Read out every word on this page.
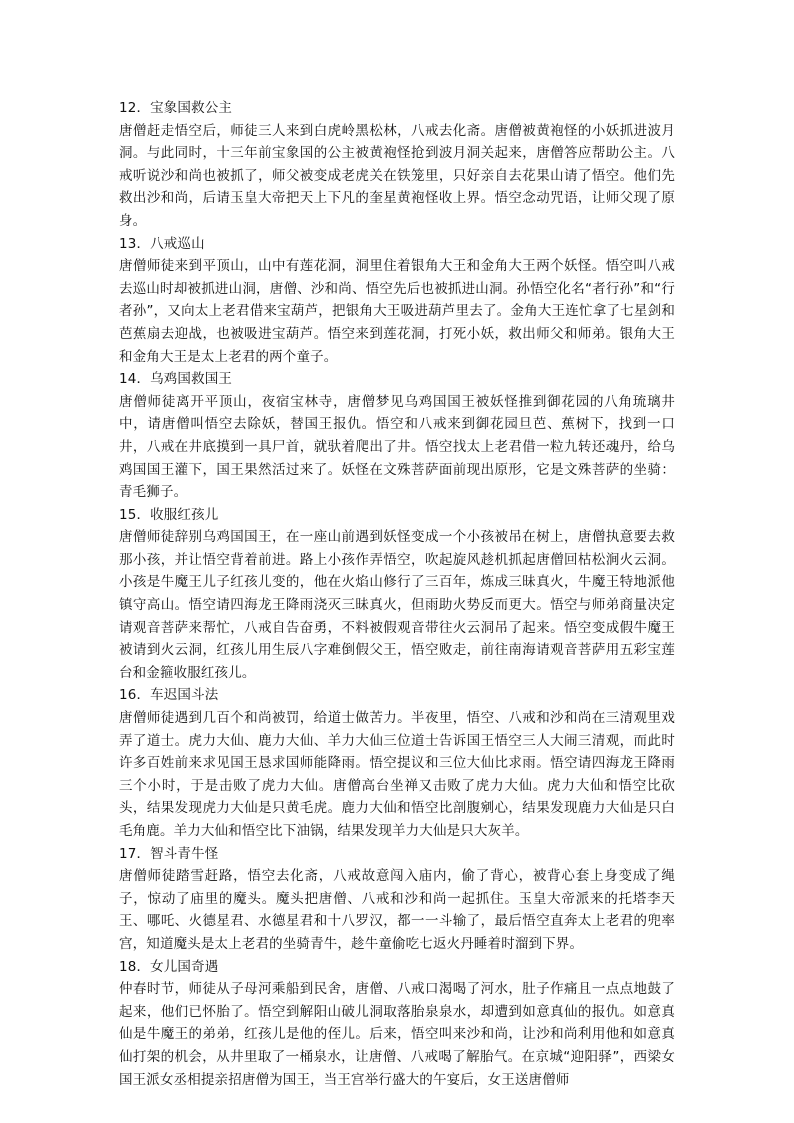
12．宝象国救公主
唐僧赶走悟空后，师徒三人来到白虎岭黑松林，八戒去化斋。唐僧被黄袍怪的小妖抓进波月洞。与此同时，十三年前宝象国的公主被黄袍怪抢到波月洞关起来，唐僧答应帮助公主。八戒听说沙和尚也被抓了，师父被变成老虎关在铁笼里，只好亲自去花果山请了悟空。他们先救出沙和尚，后请玉皇大帝把天上下凡的奎星黄袍怪收上界。悟空念动咒语，让师父现了原身。
13．八戒巡山
唐僧师徒来到平顶山，山中有莲花洞，洞里住着银角大王和金角大王两个妖怪。悟空叫八戒去巡山时却被抓进山洞，唐僧、沙和尚、悟空先后也被抓进山洞。孙悟空化名“者行孙”和“行者孙”，又向太上老君借来宝葫芦，把银角大王吸进葫芦里去了。金角大王连忙拿了七星剑和芭蕉扇去迎战，也被吸进宝葫芦。悟空来到莲花洞，打死小妖，救出师父和师弟。银角大王和金角大王是太上老君的两个童子。
14．乌鸡国救国王
唐僧师徒离开平顶山，夜宿宝林寺，唐僧梦见乌鸡国国王被妖怪推到御花园的八角琉璃井中，请唐僧叫悟空去除妖，替国王报仇。悟空和八戒来到御花园旦芭、蕉树下，找到一口井，八戒在井底摸到一具尸首，就驮着爬出了井。悟空找太上老君借一粒九转还魂丹，给乌鸡国国王灌下，国王果然活过来了。妖怪在文殊菩萨面前现出原形，它是文殊菩萨的坐骑：青毛狮子。
15．收服红孩儿
唐僧师徒辞别乌鸡国国王，在一座山前遇到妖怪变成一个小孩被吊在树上，唐僧执意要去救那小孩，并让悟空背着前进。路上小孩作弄悟空，吹起旋风趁机抓起唐僧回枯松涧火云洞。小孩是牛魔王儿子红孩儿变的，他在火焰山修行了三百年，炼成三昧真火，牛魔王特地派他镇守高山。悟空请四海龙王降雨浇灭三昧真火，但雨助火势反而更大。悟空与师弟商量决定请观音菩萨来帮忙，八戒自告奋勇，不料被假观音带往火云洞吊了起来。悟空变成假牛魔王被请到火云洞，红孩儿用生辰八字难倒假父王，悟空败走，前往南海请观音菩萨用五彩宝莲台和金箍收服红孩儿。
16．车迟国斗法
唐僧师徒遇到几百个和尚被罚，给道士做苦力。半夜里，悟空、八戒和沙和尚在三清观里戏弄了道士。虎力大仙、鹿力大仙、羊力大仙三位道士告诉国王悟空三人大闹三清观，而此时许多百姓前来求见国王恳求国师能降雨。悟空提议和三位大仙比求雨。悟空请四海龙王降雨三个小时，于是击败了虎力大仙。唐僧高台坐禅又击败了虎力大仙。虎力大仙和悟空比砍头，结果发现虎力大仙是只黄毛虎。鹿力大仙和悟空比剖腹剜心，结果发现鹿力大仙是只白毛角鹿。羊力大仙和悟空比下油锅，结果发现羊力大仙是只大灰羊。
17．智斗青牛怪
唐僧师徒踏雪赶路，悟空去化斋，八戒故意闯入庙内，偷了背心，被背心套上身变成了绳子，惊动了庙里的魔头。魔头把唐僧、八戒和沙和尚一起抓住。玉皇大帝派来的托塔李天王、哪吒、火德星君、水德星君和十八罗汉，都一一斗输了，最后悟空直奔太上老君的兜率宫，知道魔头是太上老君的坐骑青牛，趁牛童偷吃七返火丹睡着时溜到下界。
18．女儿国奇遇
仲春时节，师徒从子母河乘船到民舍，唐僧、八戒口渴喝了河水，肚子作痛且一点点地鼓了起来，他们已怀胎了。悟空到解阳山破儿洞取落胎泉泉水，却遭到如意真仙的报仇。如意真仙是牛魔王的弟弟，红孩儿是他的侄儿。后来，悟空叫来沙和尚，让沙和尚利用他和如意真仙打架的机会，从井里取了一桶泉水，让唐僧、八戒喝了解胎气。在京城“迎阳驿”，西梁女国王派女丞相提亲招唐僧为国王，当王宫举行盛大的午宴后，女王送唐僧师
